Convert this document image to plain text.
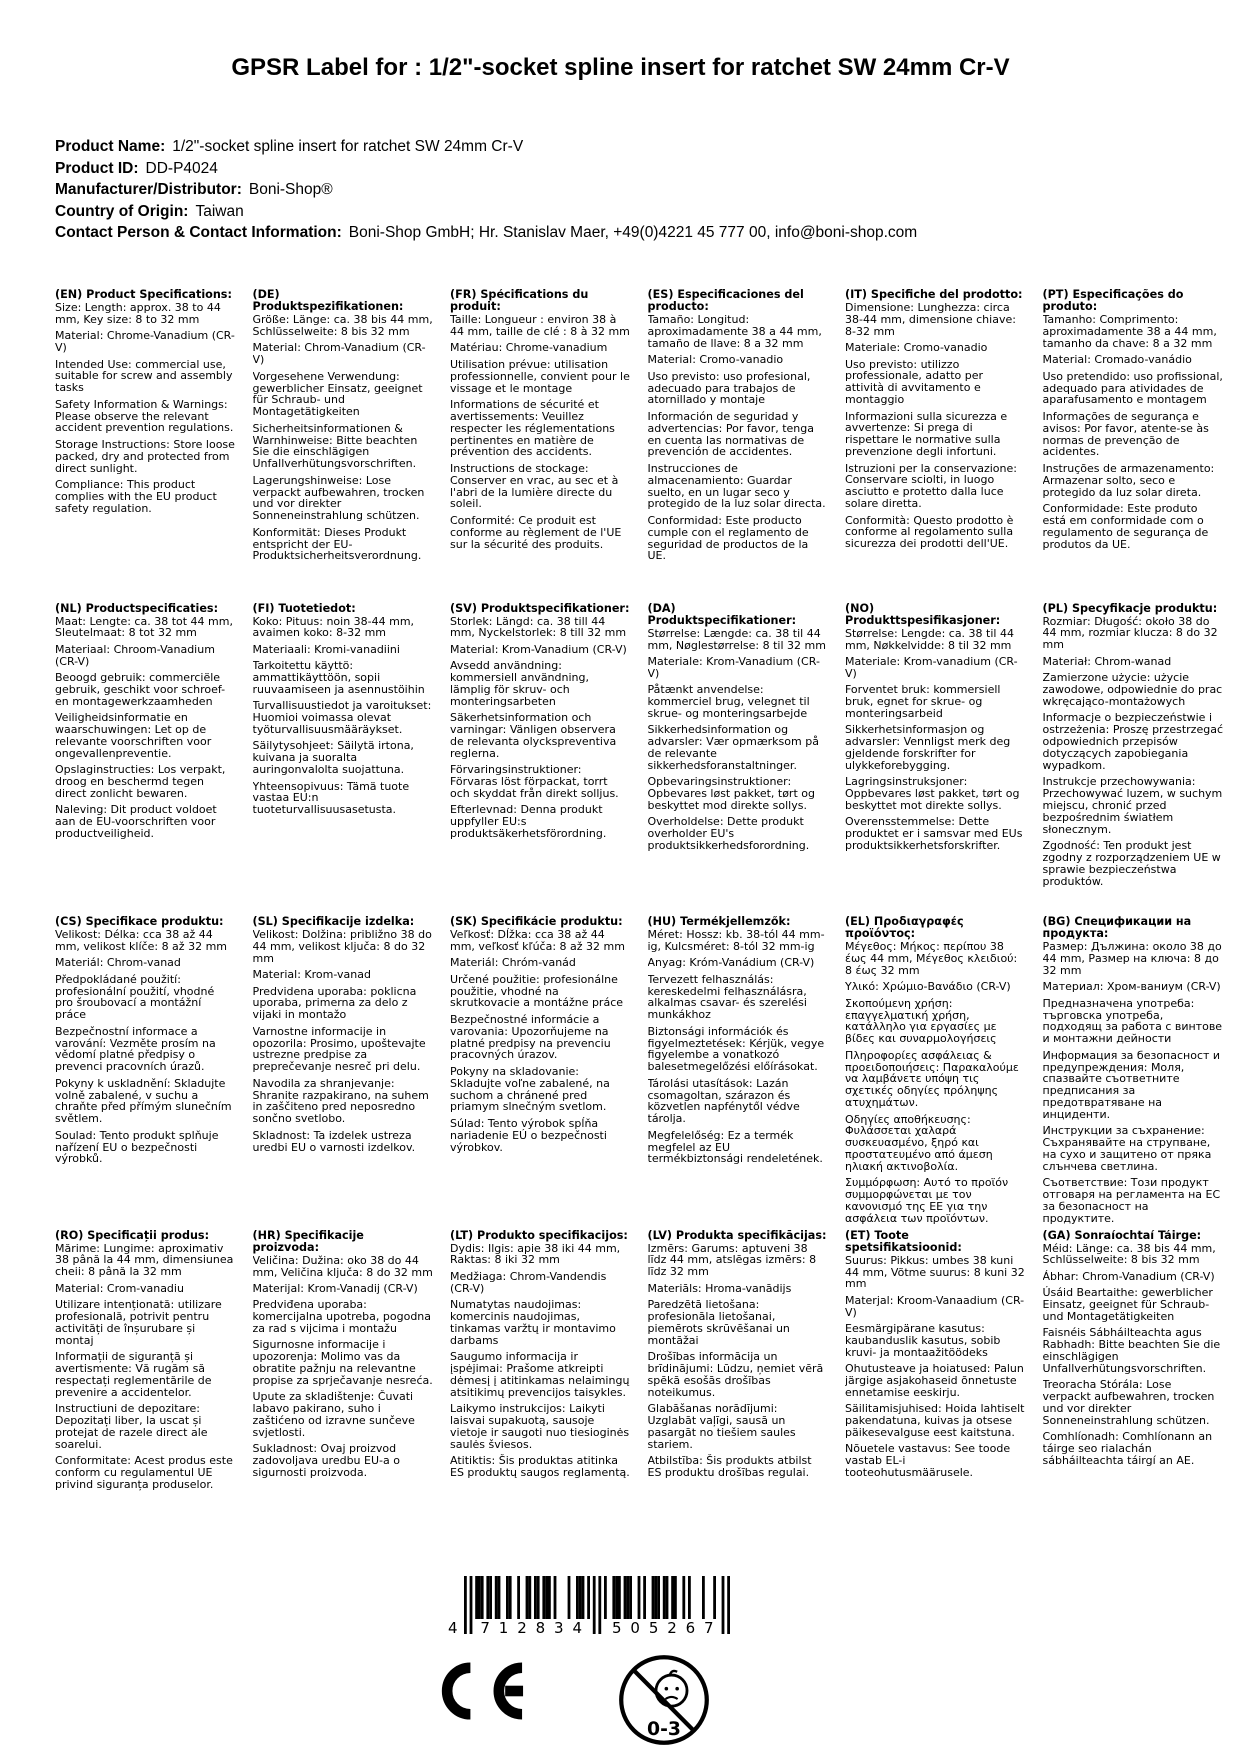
GPSR Label for : 1/2"-socket spline insert for ratchet SW 24mm Cr-V
Product Name: 1/2"-socket spline insert for ratchet SW 24mm Cr-V
Product ID: DD-P4024
Manufacturer/Distributor: Boni-Shop®
Country of Origin: Taiwan
Contact Person & Contact Information: Boni-Shop GmbH; Hr. Stanislav Maer, +49(0)4221 45 777 00, info@boni-shop.com
(EN) Product Specifications:

Size: Length: approx. 38 to 44 mm, Key size: 8 to 32 mm

Material: Chrome-Vanadium (CR-V)

Intended Use: commercial use, suitable for screw and assembly tasks

Safety Information & Warnings: Please observe the relevant accident prevention regulations.

Storage Instructions: Store loose packed, dry and protected from direct sunlight.

Compliance: This product complies with the EU product safety regulation.

(DE) Produktspezifikationen:

Größe: Länge: ca. 38 bis 44 mm, Schlüsselweite: 8 bis 32 mm

Material: Chrom-Vanadium (CR-V)

Vorgesehene Verwendung: gewerblicher Einsatz, geeignet für Schraub- und Montagetätigkeiten

Sicherheitsinformationen & Warnhinweise: Bitte beachten Sie die einschlägigen Unfallverhütungsvorschriften.

Lagerungshinweise: Lose verpackt aufbewahren, trocken und vor direkter Sonneneinstrahlung schützen.

Konformität: Dieses Produkt entspricht der EU-Produktsicherheitsverordnung.

(FR) Spécifications du produit:

Taille: Longueur : environ 38 à 44 mm, taille de clé : 8 à 32 mm

Matériau: Chrome-vanadium

Utilisation prévue: utilisation professionnelle, convient pour le vissage et le montage

Informations de sécurité et avertissements: Veuillez respecter les réglementations pertinentes en matière de prévention des accidents.

Instructions de stockage: Conserver en vrac, au sec et à l'abri de la lumière directe du soleil.

Conformité: Ce produit est conforme au règlement de l'UE sur la sécurité des produits.

(ES) Especificaciones del producto:

Tamaño: Longitud: aproximadamente 38 a 44 mm, tamaño de llave: 8 a 32 mm

Material: Cromo-vanadio

Uso previsto: uso profesional, adecuado para trabajos de atornillado y montaje

Información de seguridad y advertencias: Por favor, tenga en cuenta las normativas de prevención de accidentes.

Instrucciones de almacenamiento: Guardar suelto, en un lugar seco y protegido de la luz solar directa.

Conformidad: Este producto cumple con el reglamento de seguridad de productos de la UE.

(IT) Specifiche del prodotto:

Dimensione: Lunghezza: circa 38-44 mm, dimensione chiave: 8-32 mm

Materiale: Cromo-vanadio

Uso previsto: utilizzo professionale, adatto per attività di avvitamento e montaggio

Informazioni sulla sicurezza e avvertenze: Si prega di rispettare le normative sulla prevenzione degli infortuni.

Istruzioni per la conservazione: Conservare sciolti, in luogo asciutto e protetto dalla luce solare diretta.

Conformità: Questo prodotto è conforme al regolamento sulla sicurezza dei prodotti dell'UE.

(PT) Especificações do produto:

Tamanho: Comprimento: aproximadamente 38 a 44 mm, tamanho da chave: 8 a 32 mm

Material: Cromado-vanádio

Uso pretendido: uso profissional, adequado para atividades de aparafusamento e montagem

Informações de segurança e avisos: Por favor, atente-se às normas de prevenção de acidentes.

Instruções de armazenamento: Armazenar solto, seco e protegido da luz solar direta.

Conformidade: Este produto está em conformidade com o regulamento de segurança de produtos da UE.

(NL) Productspecificaties:

Maat: Lengte: ca. 38 tot 44 mm, Sleutelmaat: 8 tot 32 mm

Materiaal: Chroom-Vanadium (CR-V)

Beoogd gebruik: commerciële gebruik, geschikt voor schroef- en montagewerkzaamheden

Veiligheidsinformatie en waarschuwingen: Let op de relevante voorschriften voor ongevallenpreventie.

Opslaginstructies: Los verpakt, droog en beschermd tegen direct zonlicht bewaren.

Naleving: Dit product voldoet aan de EU-voorschriften voor productveiligheid.

(FI) Tuotetiedot:

Koko: Pituus: noin 38-44 mm, avaimen koko: 8-32 mm

Materiaali: Kromi-vanadiini

Tarkoitettu käyttö: ammattikäyttöön, sopii ruuvaamiseen ja asennustöihin

Turvallisuustiedot ja varoitukset: Huomioi voimassa olevat työturvallisuusmääräykset.

Säilytysohjeet: Säilytä irtona, kuivana ja suoralta auringonvalolta suojattuna.

Yhteensopivuus: Tämä tuote vastaa EU:n tuoteturvallisuusasetusta.

(SV) Produktspecifikationer:

Storlek: Längd: ca. 38 till 44 mm, Nyckelstorlek: 8 till 32 mm

Material: Krom-Vanadium (CR-V)

Avsedd användning: kommersiell användning, lämplig för skruv- och monteringsarbeten

Säkerhetsinformation och varningar: Vänligen observera de relevanta olyckspreventiva reglerna.

Förvaringsinstruktioner: Förvaras löst förpackat, torrt och skyddat från direkt solljus.

Efterlevnad: Denna produkt uppfyller EU:s produktsäkerhetsförordning.

(DA) Produktspecifikationer:

Størrelse: Længde: ca. 38 til 44 mm, Nøglestørrelse: 8 til 32 mm

Materiale: Krom-Vanadium (CR-V)

Påtænkt anvendelse: kommerciel brug, velegnet til skrue- og monteringsarbejde

Sikkerhedsinformation og advarsler: Vær opmærksom på de relevante sikkerhedsforanstaltninger.

Opbevaringsinstruktioner: Opbevares løst pakket, tørt og beskyttet mod direkte sollys.

Overholdelse: Dette produkt overholder EU's produktsikkerhedsforordning.

(NO) Produkttspesifikasjoner:

Størrelse: Lengde: ca. 38 til 44 mm, Nøkkelvidde: 8 til 32 mm

Materiale: Krom-vanadium (CR-V)

Forventet bruk: kommersiell bruk, egnet for skrue- og monteringsarbeid

Sikkerhetsinformasjon og advarsler: Vennligst merk deg gjeldende forskrifter for ulykkeforebygging.

Lagringsinstruksjoner: Oppbevares løst pakket, tørt og beskyttet mot direkte sollys.

Overensstemmelse: Dette produktet er i samsvar med EUs produktsikkerhetsforskrifter.

(PL) Specyfikacje produktu:

Rozmiar: Długość: około 38 do 44 mm, rozmiar klucza: 8 do 32 mm

Materiał: Chrom-wanad

Zamierzone użycie: użycie zawodowe, odpowiednie do prac wkręcająco-montażowych

Informacje o bezpieczeństwie i ostrzeżenia: Proszę przestrzegać odpowiednich przepisów dotyczących zapobiegania wypadkom.

Instrukcje przechowywania: Przechowywać luzem, w suchym miejscu, chronić przed bezpośrednim światłem słonecznym.

Zgodność: Ten produkt jest zgodny z rozporządzeniem UE w sprawie bezpieczeństwa produktów.

(CS) Specifikace produktu:

Velikost: Délka: cca 38 až 44 mm, velikost klíče: 8 až 32 mm

Materiál: Chrom-vanad

Předpokládané použití: profesionální použití, vhodné pro šroubovací a montážní práce

Bezpečnostní informace a varování: Vezměte prosím na vědomí platné předpisy o prevenci pracovních úrazů.

Pokyny k uskladnění: Skladujte volně zabalené, v suchu a chraňte před přímým slunečním světlem.

Soulad: Tento produkt splňuje nařízení EU o bezpečnosti výrobků.

(SL) Specifikacije izdelka:

Velikost: Dolžina: približno 38 do 44 mm, velikost ključa: 8 do 32 mm

Material: Krom-vanad

Predvidena uporaba: poklicna uporaba, primerna za delo z vijaki in montažo

Varnostne informacije in opozorila: Prosimo, upoštevajte ustrezne predpise za preprečevanje nesreč pri delu.

Navodila za shranjevanje: Shranite razpakirano, na suhem in zaščiteno pred neposredno sončno svetlobo.

Skladnost: Ta izdelek ustreza uredbi EU o varnosti izdelkov.

(SK) Špecifikácie produktu:

Veľkosť: Dĺžka: cca 38 až 44 mm, veľkosť kľúča: 8 až 32 mm

Materiál: Chróm-vanád

Určené použitie: profesionálne použitie, vhodné na skrutkovacie a montážne práce

Bezpečnostné informácie a varovania: Upozorňujeme na platné predpisy na prevenciu pracovných úrazov.

Pokyny na skladovanie: Skladujte voľne zabalené, na suchom a chránené pred priamym slnečným svetlom.

Súlad: Tento výrobok spĺňa nariadenie EÚ o bezpečnosti výrobkov.

(HU) Termékjellemzők:

Méret: Hossz: kb. 38-tól 44 mm-ig, Kulcsméret: 8-tól 32 mm-ig

Anyag: Króm-Vanádium (CR-V)

Tervezett felhasználás: kereskedelmi felhasználásra, alkalmas csavar- és szerelési munkákhoz

Biztonsági információk és figyelmeztetések: Kérjük, vegye figyelembe a vonatkozó balesetmegelőzési előírásokat.

Tárolási utasítások: Lazán csomagoltan, szárazon és közvetlen napfénytől védve tárolja.

Megfelelőség: Ez a termék megfelel az EU termékbiztonsági rendeletének.

(EL) Προδιαγραφές προϊόντος:

Μέγεθος: Μήκος: περίπου 38 έως 44 mm, Μέγεθος κλειδιού: 8 έως 32 mm

Υλικό: Χρώμιο-Βανάδιο (CR-V)

Σκοπούμενη χρήση: επαγγελματική χρήση, κατάλληλο για εργασίες με βίδες και συναρμολογήσεις

Πληροφορίες ασφάλειας & προειδοποιήσεις: Παρακαλούμε να λαμβάνετε υπόψη τις σχετικές οδηγίες πρόληψης ατυχημάτων.

Οδηγίες αποθήκευσης: Φυλάσσεται χαλαρά συσκευασμένο, ξηρό και προστατευμένο από άμεση ηλιακή ακτινοβολία.

Συμμόρφωση: Αυτό το προϊόν συμμορφώνεται με τον κανονισμό της ΕΕ για την ασφάλεια των προϊόντων.

(BG) Спецификации на продукта:

Размер: Дължина: около 38 до 44 mm, Размер на ключа: 8 до 32 mm

Материал: Хром-ваниум (CR-V)

Предназначена употреба: търговска употреба, подходящ за работа с винтове и монтажни дейности

Информация за безопасност и предупреждения: Моля, спазвайте съответните предписания за предотвратяване на инциденти.

Инструкции за съхранение: Съхранявайте на струпване, на сухо и защитено от пряка слънчева светлина.

Съответствие: Този продукт отговаря на регламента на ЕС за безопасност на продуктите.

(RO) Specificații produs:

Mărime: Lungime: aproximativ 38 până la 44 mm, dimensiunea cheii: 8 până la 32 mm

Material: Crom-vanadiu

Utilizare intenționată: utilizare profesională, potrivit pentru activități de înșurubare și montaj

Informații de siguranță și avertismente: Vă rugăm să respectați reglementările de prevenire a accidentelor.

Instructiuni de depozitare: Depozitați liber, la uscat și protejat de razele direct ale soarelui.

Conformitate: Acest produs este conform cu regulamentul UE privind siguranța produselor.

(HR) Specifikacije proizvoda:

Veličina: Dužina: oko 38 do 44 mm, Veličina ključa: 8 do 32 mm

Materijal: Krom-Vanadij (CR-V)

Predviđena uporaba: komercijalna upotreba, pogodna za rad s vijcima i montažu

Sigurnosne informacije i upozorenja: Molimo vas da obratite pažnju na relevantne propise za sprječavanje nesreća.

Upute za skladištenje: Čuvati labavo pakirano, suho i zaštićeno od izravne sunčeve svjetlosti.

Sukladnost: Ovaj proizvod zadovoljava uredbu EU-a o sigurnosti proizvoda.

(LT) Produkto specifikacijos:

Dydis: Ilgis: apie 38 iki 44 mm, Raktas: 8 iki 32 mm

Medžiaga: Chrom-Vandendis (CR-V)

Numatytas naudojimas: komercinis naudojimas, tinkamas varžtų ir montavimo darbams

Saugumo informacija ir įspėjimai: Prašome atkreipti dėmesį į atitinkamas nelaimingų atsitikimų prevencijos taisykles.

Laikymo instrukcijos: Laikyti laisvai supakuotą, sausoje vietoje ir saugoti nuo tiesioginės saulės šviesos.

Atitiktis: Šis produktas atitinka ES produktų saugos reglamentą.

(LV) Produkta specifikācijas:

Izmērs: Garums: aptuveni 38 līdz 44 mm, atslēgas izmērs: 8 līdz 32 mm

Materiāls: Hroma-vanādijs

Paredzētā lietošana: profesionāla lietošanai, piemērots skrūvēšanai un montāžai

Drošības informācija un brīdinājumi: Lūdzu, ņemiet vērā spēkā esošās drošības noteikumus.

Glabāšanas norādījumi: Uzglabāt vaļīgi, sausā un pasargāt no tiešiem saules stariem.

Atbilstība: Šis produkts atbilst ES produktu drošības regulai.

(ET) Toote spetsifikatsioonid:

Suurus: Pikkus: umbes 38 kuni 44 mm, Võtme suurus: 8 kuni 32 mm

Materjal: Kroom-Vanaadium (CR-V)

Eesmärgipärane kasutus: kaubanduslik kasutus, sobib kruvi- ja montaažitöödeks

Ohutusteave ja hoiatused: Palun järgige asjakohaseid õnnetuste ennetamise eeskirju.

Säilitamisjuhised: Hoida lahtiselt pakendatuna, kuivas ja otsese päikesevalguse eest kaitstuna.

Nõuetele vastavus: See toode vastab EL-i tooteohutusmäärusele.

(GA) Sonraíochtaí Táirge:

Méid: Länge: ca. 38 bis 44 mm, Schlüsselweite: 8 bis 32 mm

Ábhar: Chrom-Vanadium (CR-V)

Úsáid Beartaithe: gewerblicher Einsatz, geeignet für Schraub- und Montagetätigkeiten

Faisnéis Sábháilteachta agus Rabhadh: Bitte beachten Sie die einschlägigen Unfallverhütungsvorschriften.

Treoracha Stórála: Lose verpackt aufbewahren, trocken und vor direkter Sonneneinstrahlung schützen.

Comhlíonadh: Comhlíonann an táirge seo rialachán sábháilteachta táirgí an AE.

4 712834 505267
0-3
